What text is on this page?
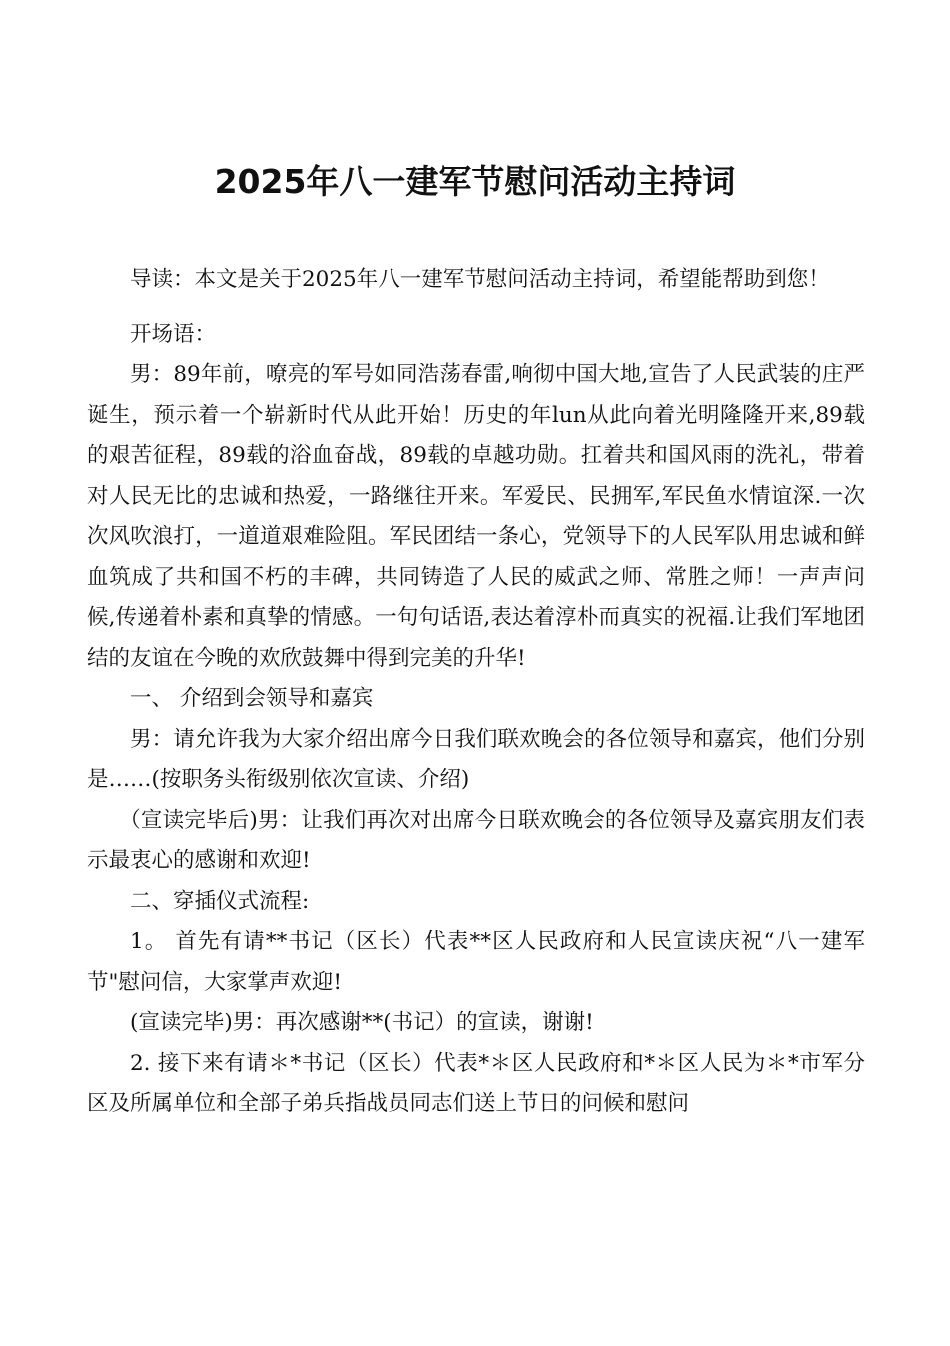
2025年八一建军节慰问活动主持词

导读：本文是关于2025年八一建军节慰问活动主持词，希望能帮助到您！

开场语：

男：89年前，嘹亮的军号如同浩荡春雷,响彻中国大地,宣告了人民武装的庄严诞生，预示着一个崭新时代从此开始！历史的年lun从此向着光明隆隆开来,89载的艰苦征程，89载的浴血奋战，89载的卓越功勋。扛着共和国风雨的洗礼，带着对人民无比的忠诚和热爱，一路继往开来。军爱民、民拥军,军民鱼水情谊深.一次次风吹浪打，一道道艰难险阻。军民团结一条心，党领导下的人民军队用忠诚和鲜血筑成了共和国不朽的丰碑，共同铸造了人民的威武之师、常胜之师！一声声问候,传递着朴素和真挚的情感。一句句话语,表达着淳朴而真实的祝福.让我们军地团结的友谊在今晚的欢欣鼓舞中得到完美的升华!

一、 介绍到会领导和嘉宾

男：请允许我为大家介绍出席今日我们联欢晚会的各位领导和嘉宾，他们分别是……(按职务头衔级别依次宣读、介绍)

（宣读完毕后)男：让我们再次对出席今日联欢晚会的各位领导及嘉宾朋友们表示最衷心的感谢和欢迎!

二、穿插仪式流程:

1。 首先有请**书记（区长）代表**区人民政府和人民宣读庆祝“八一建军节"慰问信，大家掌声欢迎!

(宣读完毕)男：再次感谢**(书记）的宣读，谢谢!

2. 接下来有请＊*书记（区长）代表*＊区人民政府和*＊区人民为＊*市军分区及所属单位和全部子弟兵指战员同志们送上节日的问候和慰问
